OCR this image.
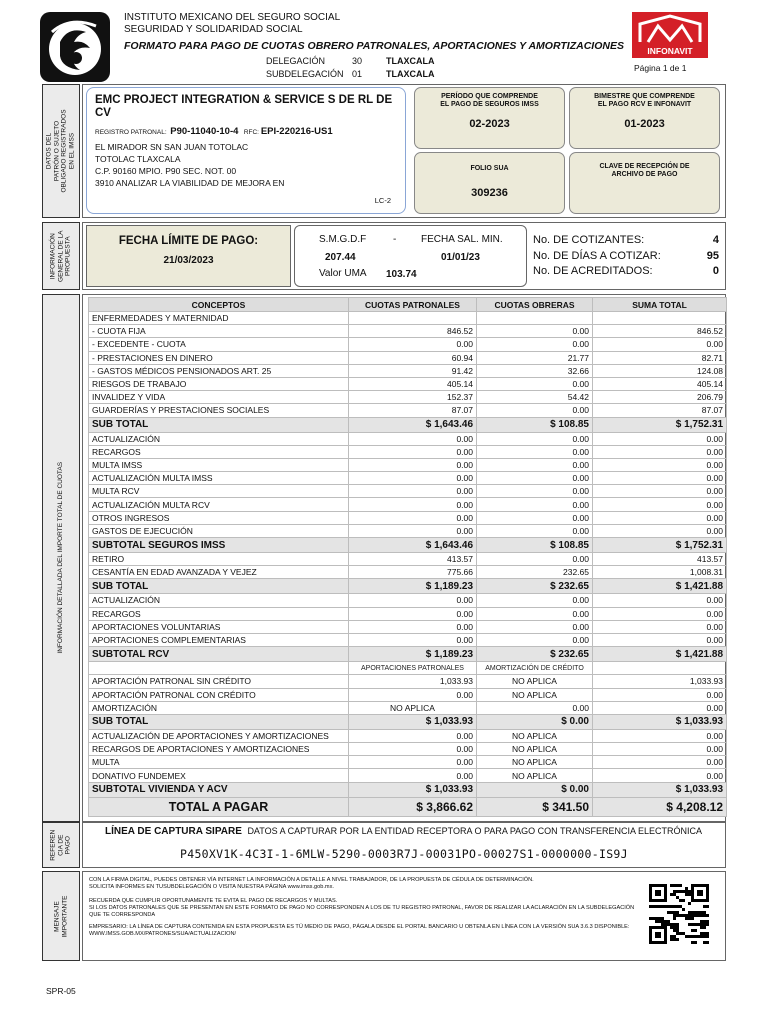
INSTITUTO MEXICANO DEL SEGURO SOCIAL
SEGURIDAD Y SOLIDARIDAD SOCIAL
FORMATO PARA PAGO DE CUOTAS OBRERO PATRONALES, APORTACIONES Y AMORTIZACIONES
DELEGACIÓN	30	TLAXCALA
SUBDELEGACIÓN 01	TLAXCALA
INFONAVIT
Página 1 de 1
DATOS DEL
PATRÓN O SUJETO
OBLIGADO REGISTRADOS
EN EL IMSS
INFORMACIÓN
GENERAL DE LA
PROPUESTA
INFORMACIÓN DETALLADA DEL IMPORTE TOTAL DE CUOTAS
REFEREN
CIA DE
PAGO
MENSAJE
IMPORTANTE
EMC PROJECT INTEGRATION & SERVICE S DE RL DE CV
REGISTRO PATRONAL: P90-11040-10-4 RFC: EPI-220216-US1
EL MIRADOR SN SAN JUAN TOTOLAC
TOTOLAC TLAXCALA
C.P. 90160 MPIO. P90 SEC. NOT. 00
3910 ANALIZAR LA VIABILIDAD DE MEJORA EN
LC-2
PERÍODO QUE COMPRENDE
EL PAGO DE SEGUROS IMSS
02-2023
BIMESTRE QUE COMPRENDE
EL PAGO RCV E INFONAVIT
01-2023
FOLIO SUA
309236
CLAVE DE RECEPCIÓN DE
ARCHIVO DE PAGO
FECHA LÍMITE DE PAGO:
21/03/2023
S.M.G.D.F	- FECHA SAL. MIN.
207.44	01/01/23
Valor UMA 103.74
No. DE COTIZANTES:	4
No. DE DÍAS A COTIZAR:	95
No. DE ACREDITADOS:	0
CONCEPTOS	CUOTAS PATRONALES	CUOTAS OBRERAS	SUMA TOTAL
ENFERMEDADES Y MATERNIDAD			
- CUOTA FIJA	846.52	0.00	846.52
- EXCEDENTE - CUOTA	0.00	0.00	0.00
- PRESTACIONES EN DINERO	60.94	21.77	82.71
- GASTOS MÉDICOS PENSIONADOS ART. 25	91.42	32.66	124.08
RIESGOS DE TRABAJO	405.14	0.00	405.14
INVALIDEZ Y VIDA	152.37	54.42	206.79
GUARDERÍAS Y PRESTACIONES SOCIALES	87.07	0.00	87.07
SUB TOTAL	$ 1,643.46	$ 108.85	$ 1,752.31
ACTUALIZACIÓN	0.00	0.00	0.00
RECARGOS	0.00	0.00	0.00
MULTA IMSS	0.00	0.00	0.00
ACTUALIZACIÓN MULTA IMSS	0.00	0.00	0.00
MULTA RCV	0.00	0.00	0.00
ACTUALIZACIÓN MULTA RCV	0.00	0.00	0.00
OTROS INGRESOS	0.00	0.00	0.00
GASTOS DE EJECUCIÓN	0.00	0.00	0.00
SUBTOTAL SEGUROS IMSS	$ 1,643.46	$ 108.85	$ 1,752.31
RETIRO	413.57	0.00	413.57
CESANTÍA EN EDAD AVANZADA Y VEJEZ	775.66	232.65	1,008.31
SUB TOTAL	$ 1,189.23	$ 232.65	$ 1,421.88
ACTUALIZACIÓN	0.00	0.00	0.00
RECARGOS	0.00	0.00	0.00
APORTACIONES VOLUNTARIAS	0.00	0.00	0.00
APORTACIONES COMPLEMENTARIAS	0.00	0.00	0.00
SUBTOTAL RCV	$ 1,189.23	$ 232.65	$ 1,421.88
	APORTACIONES PATRONALES	AMORTIZACIÓN DE CRÉDITO	
APORTACIÓN PATRONAL SIN CRÉDITO	1,033.93	NO APLICA	1,033.93
APORTACIÓN PATRONAL CON CRÉDITO	0.00	NO APLICA	0.00
AMORTIZACIÓN	NO APLICA	0.00	0.00
SUB TOTAL	$ 1,033.93	$ 0.00	$ 1,033.93
ACTUALIZACIÓN DE APORTACIONES Y AMORTIZACIONES	0.00	NO APLICA	0.00
RECARGOS DE APORTACIONES Y AMORTIZACIONES	0.00	NO APLICA	0.00
MULTA	0.00	NO APLICA	0.00
DONATIVO FUNDEMEX	0.00	NO APLICA	0.00
SUBTOTAL VIVIENDA Y ACV	$ 1,033.93	$ 0.00	$ 1,033.93
TOTAL A PAGAR	$ 3,866.62	$ 341.50	$ 4,208.12
LÍNEA DE CAPTURA SIPARE DATOS A CAPTURAR POR LA ENTIDAD RECEPTORA O PARA PAGO CON TRANSFERENCIA ELECTRÓNICA
P450XV1K-4C3I-1-6MLW-5290-0003R7J-00031PO-00027S1-0000000-IS9J
CON LA FIRMA DIGITAL, PUEDES OBTENER VÍA INTERNET LA INFORMACIÓN A DETALLE A NIVEL TRABAJADOR, DE LA PROPUESTA DE CÉDULA DE DETERMINACIÓN.
SOLICITA INFORMES EN TUSUBDELEGACIÓN O VISITA NUESTRA PÁGINA www.imss.gob.mx.
RECUERDA QUE CUMPLIR OPORTUNAMENTE TE EVITA EL PAGO DE RECARGOS Y MULTAS.
SI LOS DATOS PATRONALES QUE SE PRESENTAN EN ESTE FORMATO DE PAGO NO CORRESPONDEN A LOS DE TU REGISTRO PATRONAL, FAVOR DE REALIZAR LA ACLARACIÓN EN LA SUBDELEGACIÓN QUE TE CORRESPONDA
EMPRESARIO: LA LÍNEA DE CAPTURA CONTENIDA EN ESTA PROPUESTA ES TÚ MEDIO DE PAGO, PÁGALA DESDE EL PORTAL BANCARIO U OBTENLA EN LÍNEA CON LA VERSIÓN SUA 3.6.3 DISPONIBLE: WWW.IMSS.GOB.MX/PATRONES/SUA/ACTUALIZACION/
SPR-05
